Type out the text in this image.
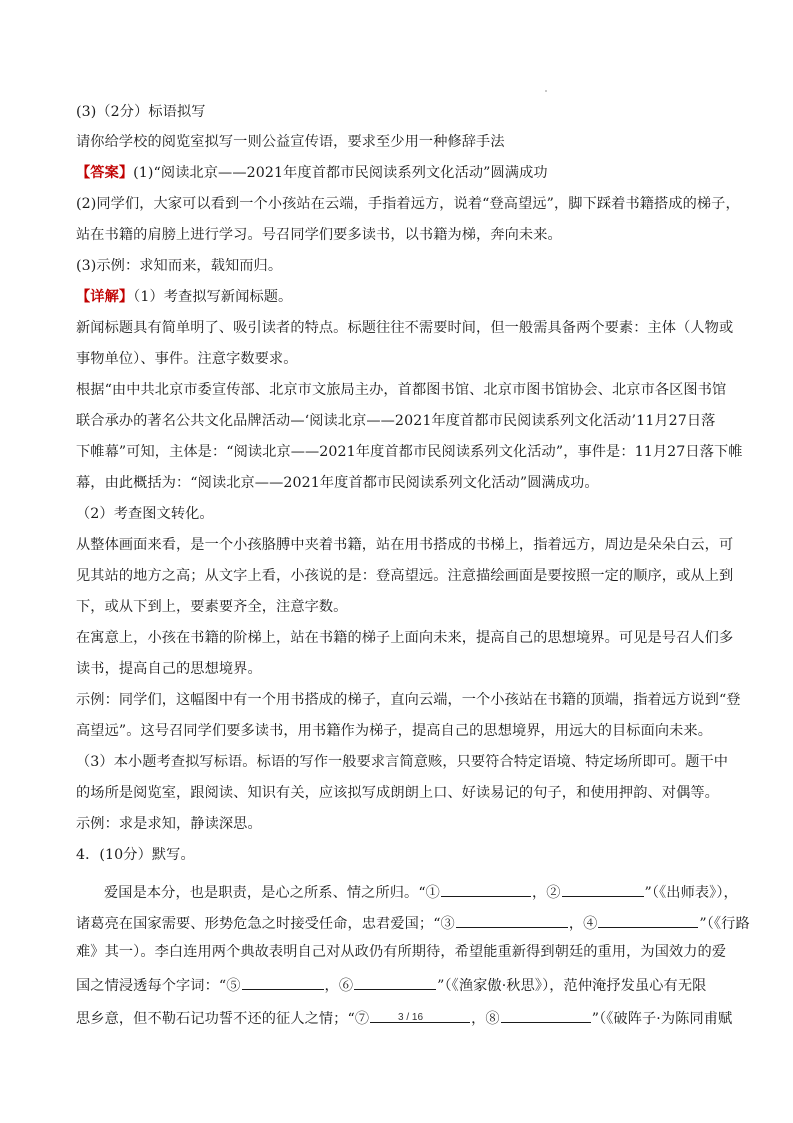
(3)（2分）标语拟写
请你给学校的阅览室拟写一则公益宣传语，要求至少用一种修辞手法
【答案】(1)“阅读北京——2021年度首都市民阅读系列文化活动”圆满成功
(2)同学们，大家可以看到一个小孩站在云端，手指着远方，说着“登高望远”，脚下踩着书籍搭成的梯子，
站在书籍的肩膀上进行学习。号召同学们要多读书，以书籍为梯，奔向未来。
(3)示例：求知而来，载知而归。
【详解】（1）考查拟写新闻标题。
新闻标题具有简单明了、吸引读者的特点。标题往往不需要时间，但一般需具备两个要素：主体（人物或
事物单位）、事件。注意字数要求。
根据“由中共北京市委宣传部、北京市文旅局主办，首都图书馆、北京市图书馆协会、北京市各区图书馆
联合承办的著名公共文化品牌活动—‘阅读北京——2021年度首都市民阅读系列文化活动’11月27日落
下帷幕”可知，主体是：“阅读北京——2021年度首都市民阅读系列文化活动”，事件是：11月27日落下帷
幕，由此概括为：“阅读北京——2021年度首都市民阅读系列文化活动”圆满成功。
（2）考查图文转化。
从整体画面来看，是一个小孩胳膊中夹着书籍，站在用书搭成的书梯上，指着远方，周边是朵朵白云，可
见其站的地方之高；从文字上看，小孩说的是：登高望远。注意描绘画面是要按照一定的顺序，或从上到
下，或从下到上，要素要齐全，注意字数。
在寓意上，小孩在书籍的阶梯上，站在书籍的梯子上面向未来，提高自己的思想境界。可见是号召人们多
读书，提高自己的思想境界。
示例：同学们，这幅图中有一个用书搭成的梯子，直向云端，一个小孩站在书籍的顶端，指着远方说到“登
高望远”。这号召同学们要多读书，用书籍作为梯子，提高自己的思想境界，用远大的目标面向未来。
（3）本小题考查拟写标语。标语的写作一般要求言简意赅，只要符合特定语境、特定场所即可。题干中
的场所是阅览室，跟阅读、知识有关，应该拟写成朗朗上口、好读易记的句子，和使用押韵、对偶等。
示例：求是求知，静读深思。
4．(10分）默写。
爱国是本分，也是职责，是心之所系、情之所归。“①	，②	”（《出师表》），
诸葛亮在国家需要、形势危急之时接受任命，忠君爱国；“③	，④	”（《行路
难》其一）。李白连用两个典故表明自己对从政仍有所期待，希望能重新得到朝廷的重用，为国效力的爱
国之情浸透每个字词：“⑤	，⑥	”（《渔家傲·秋思》），范仲淹抒发虽心有无限
思乡意，但不勒石记功誓不还的征人之情；“⑦	，⑧	”（《破阵子·为陈同甫赋
3 / 16
